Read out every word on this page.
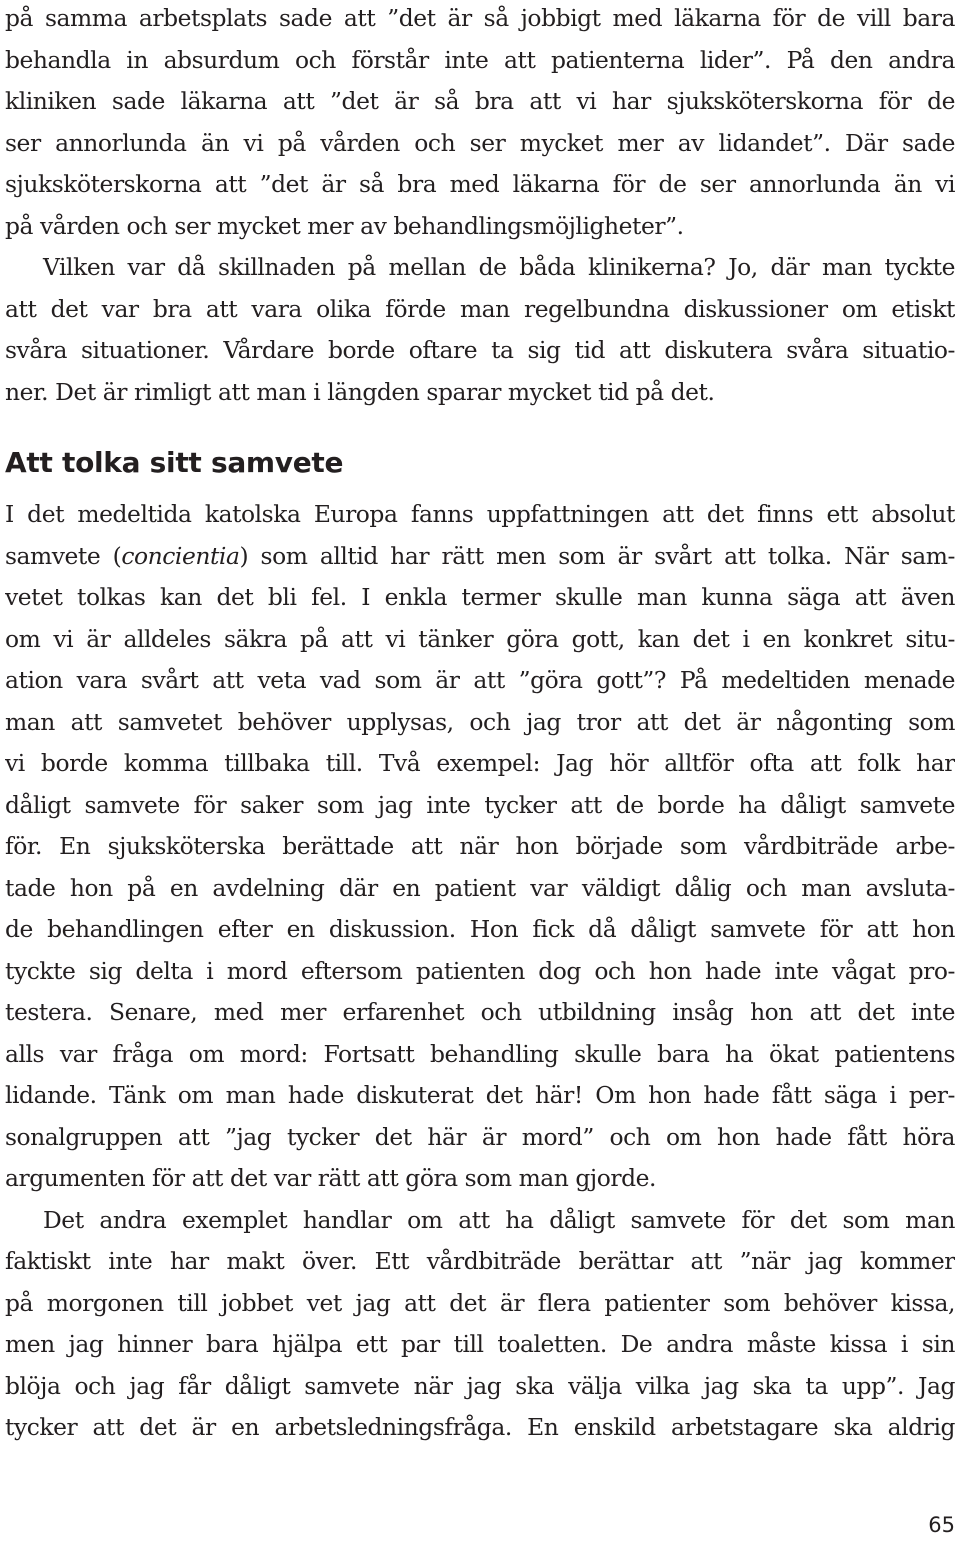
på samma arbetsplats sade att ”det är så jobbigt med läkarna för de vill bara
behandla in absurdum och förstår inte att patienterna lider”. På den andra
kliniken sade läkarna att ”det är så bra att vi har sjuksköterskorna för de
ser annorlunda än vi på vården och ser mycket mer av lidandet”. Där sade
sjuksköterskorna att ”det är så bra med läkarna för de ser annorlunda än vi
på vården och ser mycket mer av behandlingsmöjligheter”.
Vilken var då skillnaden på mellan de båda klinikerna? Jo, där man tyckte
att det var bra att vara olika förde man regelbundna diskussioner om etiskt
svåra situationer. Vårdare borde oftare ta sig tid att diskutera svåra situatio-
ner. Det är rimligt att man i längden sparar mycket tid på det.
Att tolka sitt samvete
I det medeltida katolska Europa fanns uppfattningen att det finns ett absolut
samvete (concientia) som alltid har rätt men som är svårt att tolka. När sam-
vetet tolkas kan det bli fel. I enkla termer skulle man kunna säga att även
om vi är alldeles säkra på att vi tänker göra gott, kan det i en konkret situ-
ation vara svårt att veta vad som är att ”göra gott”? På medeltiden menade
man att samvetet behöver upplysas, och jag tror att det är någonting som
vi borde komma tillbaka till. Två exempel: Jag hör alltför ofta att folk har
dåligt samvete för saker som jag inte tycker att de borde ha dåligt samvete
för. En sjuksköterska berättade att när hon började som vårdbiträde arbe-
tade hon på en avdelning där en patient var väldigt dålig och man avsluta-
de behandlingen efter en diskussion. Hon fick då dåligt samvete för att hon
tyckte sig delta i mord eftersom patienten dog och hon hade inte vågat pro-
testera. Senare, med mer erfarenhet och utbildning insåg hon att det inte
alls var fråga om mord: Fortsatt behandling skulle bara ha ökat patientens
lidande. Tänk om man hade diskuterat det här! Om hon hade fått säga i per-
sonalgruppen att ”jag tycker det här är mord” och om hon hade fått höra
argumenten för att det var rätt att göra som man gjorde.
Det andra exemplet handlar om att ha dåligt samvete för det som man
faktiskt inte har makt över. Ett vårdbiträde berättar att ”när jag kommer
på morgonen till jobbet vet jag att det är flera patienter som behöver kissa,
men jag hinner bara hjälpa ett par till toaletten. De andra måste kissa i sin
blöja och jag får dåligt samvete när jag ska välja vilka jag ska ta upp”. Jag
tycker att det är en arbetsledningsfråga. En enskild arbetstagare ska aldrig
65
